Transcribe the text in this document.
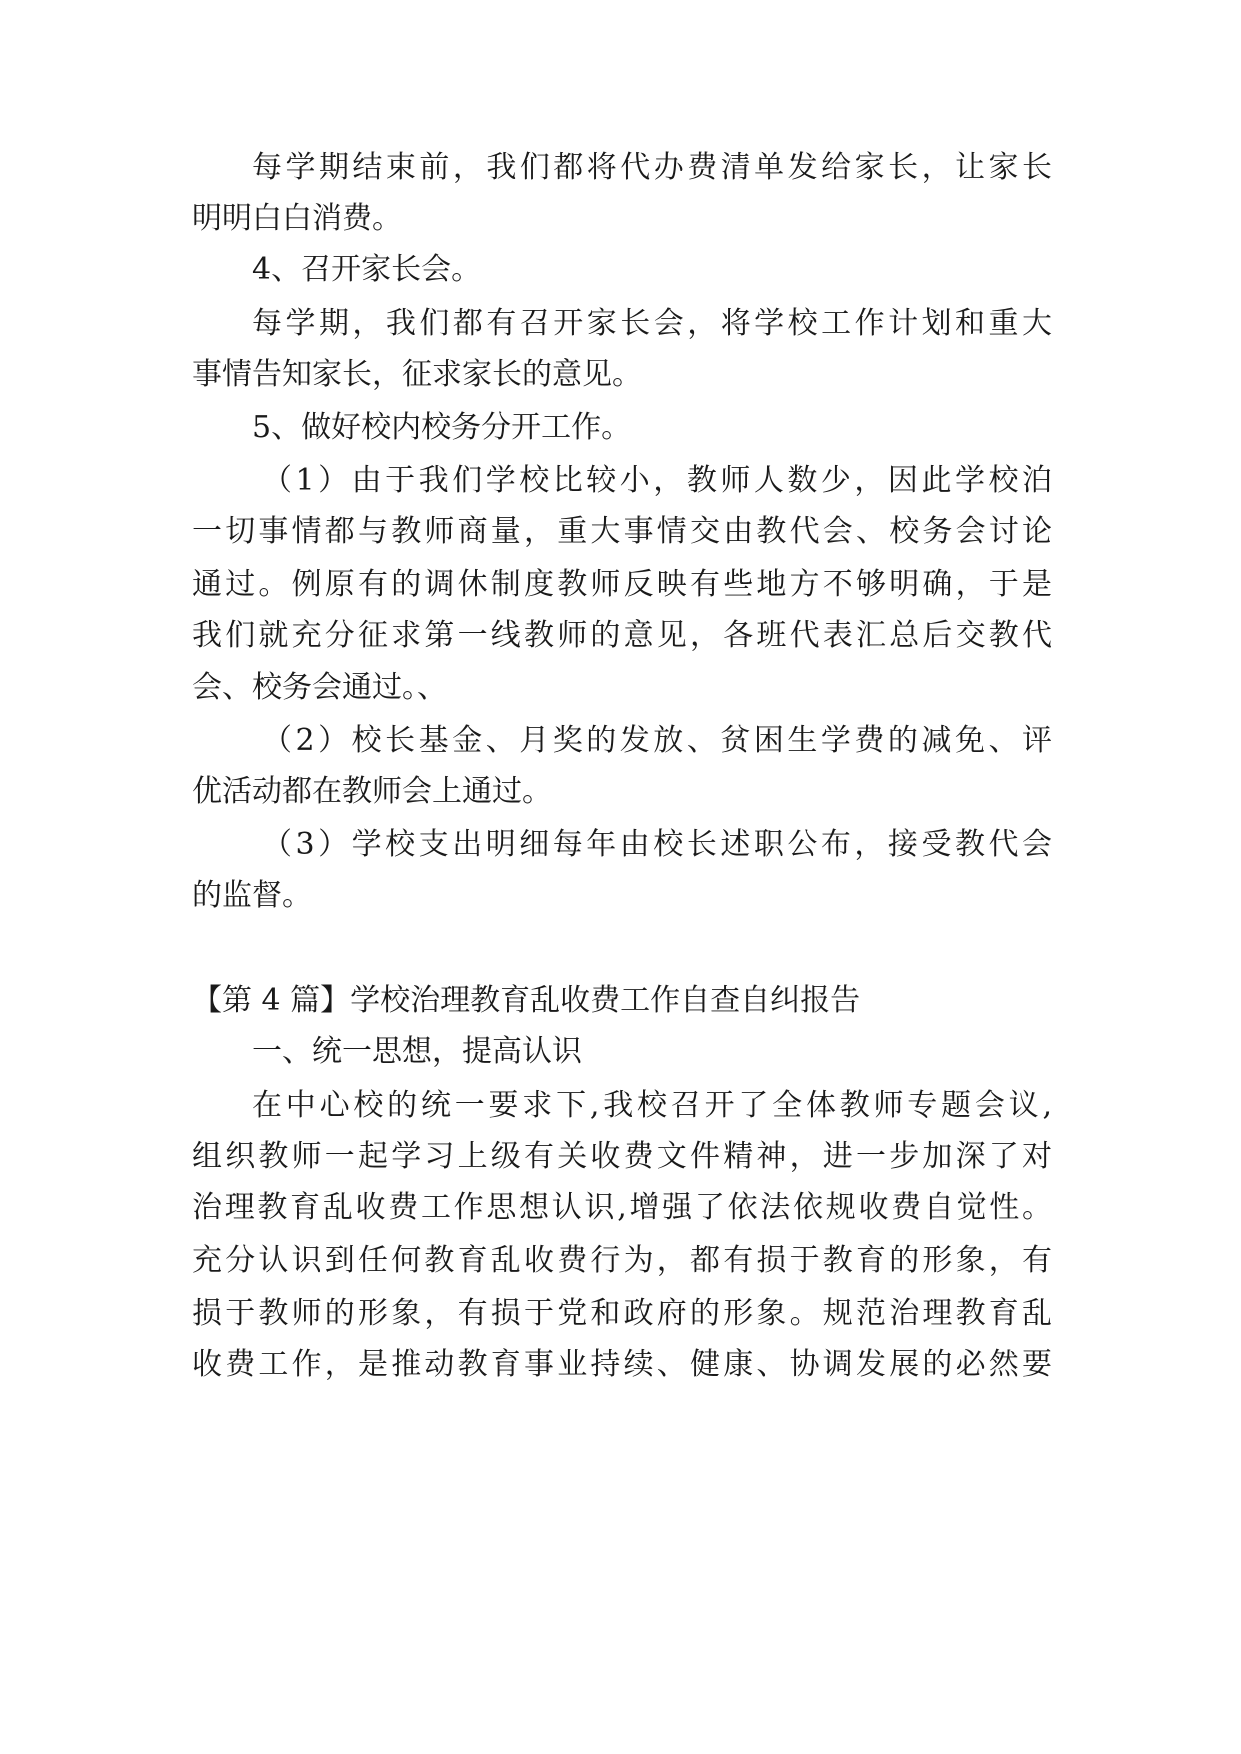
每学期结束前，我们都将代办费清单发给家长，让家长
明明白白消费。
4、召开家长会。
每学期，我们都有召开家长会，将学校工作计划和重大
事情告知家长，征求家长的意见。
5、做好校内校务分开工作。
（1）由于我们学校比较小，教师人数少，因此学校泊
一切事情都与教师商量，重大事情交由教代会、校务会讨论
通过。例原有的调休制度教师反映有些地方不够明确，于是
我们就充分征求第一线教师的意见，各班代表汇总后交教代
会、校务会通过。、
（2）校长基金、月奖的发放、贫困生学费的减免、评
优活动都在教师会上通过。
（3）学校支出明细每年由校长述职公布，接受教代会
的监督。
【第 4 篇】学校治理教育乱收费工作自查自纠报告
一、统一思想，提高认识
在中心校的统一要求下,我校召开了全体教师专题会议,
组织教师一起学习上级有关收费文件精神，进一步加深了对
治理教育乱收费工作思想认识,增强了依法依规收费自觉性。
充分认识到任何教育乱收费行为，都有损于教育的形象，有
损于教师的形象，有损于党和政府的形象。规范治理教育乱
收费工作，是推动教育事业持续、健康、协调发展的必然要
